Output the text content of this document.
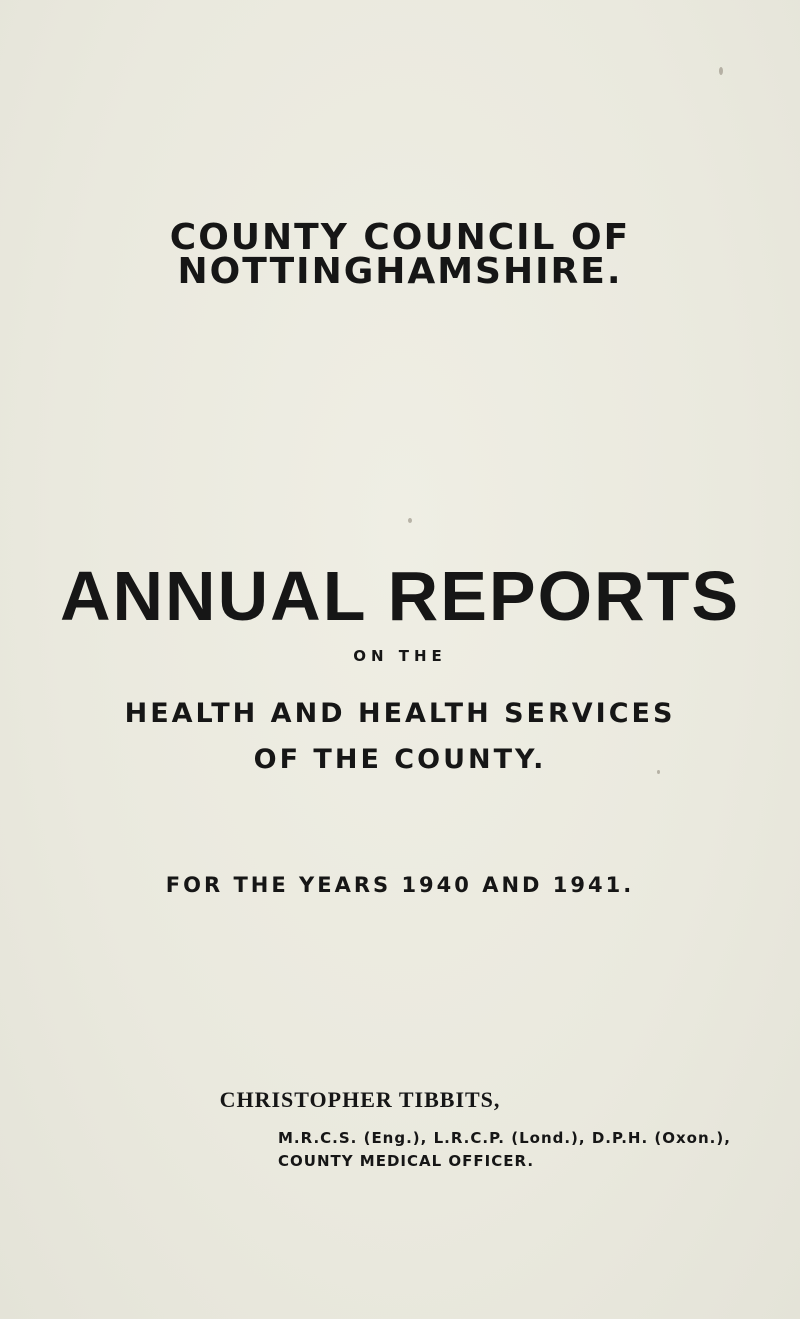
COUNTY COUNCIL OF
NOTTINGHAMSHIRE.
ANNUAL REPORTS
ON THE
HEALTH AND HEALTH SERVICES
OF THE COUNTY.
FOR THE YEARS 1940 AND 1941.
CHRISTOPHER TIBBITS,
M.R.C.S. (Eng.), L.R.C.P. (Lond.), D.P.H. (Oxon.),
COUNTY MEDICAL OFFICER.
